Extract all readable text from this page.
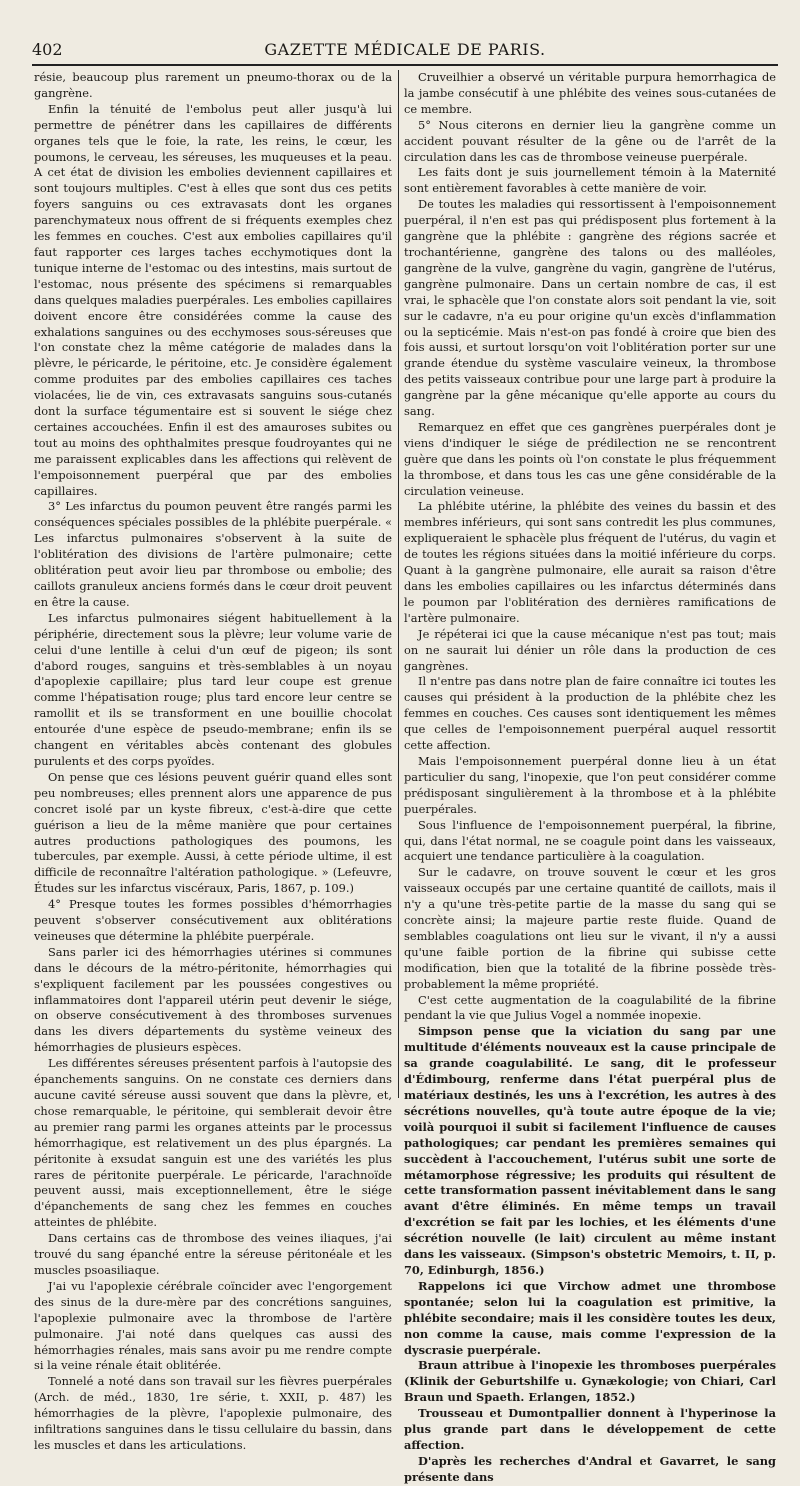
402	GAZETTE MÉDICALE DE PARIS.

résie, beaucoup plus rarement un pneumo-thorax ou de la gangrène.

Enfin la ténuité de l'embolus peut aller jusqu'à lui permettre de pénétrer dans les capillaires de différents organes tels que le foie, la rate, les reins, le cœur, les poumons, le cerveau, les séreuses, les muqueuses et la peau. A cet état de division les embolies deviennent capillaires et sont toujours multiples. C'est à elles que sont dus ces petits foyers sanguins ou ces extravasats dont les organes parenchymateux nous offrent de si fréquents exemples chez les femmes en couches. C'est aux embolies capillaires qu'il faut rapporter ces larges taches ecchymotiques dont la tunique interne de l'estomac ou des intestins, mais surtout de l'estomac, nous présente des spécimens si remarquables dans quelques maladies puerpérales. Les embolies capillaires doivent encore être considérées comme la cause des exhalations sanguines ou des ecchymoses sous-séreuses que l'on constate chez la même catégorie de malades dans la plèvre, le péricarde, le péritoine, etc. Je considère également comme produites par des embolies capillaires ces taches violacées, lie de vin, ces extravasats sanguins sous-cutanés dont la surface tégumentaire est si souvent le siége chez certaines accouchées. Enfin il est des amauroses subites ou tout au moins des ophthalmites presque foudroyantes qui ne me paraissent explicables dans les affections qui relèvent de l'empoisonnement puerpéral que par des embolies capillaires.

3° Les infarctus du poumon peuvent être rangés parmi les conséquences spéciales possibles de la phlébite puerpérale. « Les infarctus pulmonaires s'observent à la suite de l'oblitération des divisions de l'artère pulmonaire; cette oblitération peut avoir lieu par thrombose ou embolie; des caillots granuleux anciens formés dans le cœur droit peuvent en être la cause.

Les infarctus pulmonaires siégent habituellement à la périphérie, directement sous la plèvre; leur volume varie de celui d'une lentille à celui d'un œuf de pigeon; ils sont d'abord rouges, sanguins et très-semblables à un noyau d'apoplexie capillaire; plus tard leur coupe est grenue comme l'hépatisation rouge; plus tard encore leur centre se ramollit et ils se transforment en une bouillie chocolat entourée d'une espèce de pseudo-membrane; enfin ils se changent en véritables abcès contenant des globules purulents et des corps pyoïdes.

On pense que ces lésions peuvent guérir quand elles sont peu nombreuses; elles prennent alors une apparence de pus concret isolé par un kyste fibreux, c'est-à-dire que cette guérison a lieu de la même manière que pour certaines autres productions pathologiques des poumons, les tubercules, par exemple. Aussi, à cette période ultime, il est difficile de reconnaître l'altération pathologique. » (Lefeuvre, Études sur les infarctus viscéraux, Paris, 1867, p. 109.)

4° Presque toutes les formes possibles d'hémorrhagies peuvent s'observer consécutivement aux oblitérations veineuses que détermine la phlébite puerpérale.

Sans parler ici des hémorrhagies utérines si communes dans le décours de la métro-péritonite, hémorrhagies qui s'expliquent facilement par les poussées congestives ou inflammatoires dont l'appareil utérin peut devenir le siége, on observe consécutivement à des thromboses survenues dans les divers départements du système veineux des hémorrhagies de plusieurs espèces.

Les différentes séreuses présentent parfois à l'autopsie des épanchements sanguins. On ne constate ces derniers dans aucune cavité séreuse aussi souvent que dans la plèvre, et, chose remarquable, le péritoine, qui semblerait devoir être au premier rang parmi les organes atteints par le processus hémorrhagique, est relativement un des plus épargnés. La péritonite à exsudat sanguin est une des variétés les plus rares de péritonite puerpérale. Le péricarde, l'arachnoïde peuvent aussi, mais exceptionnellement, être le siége d'épanchements de sang chez les femmes en couches atteintes de phlébite.

Dans certains cas de thrombose des veines iliaques, j'ai trouvé du sang épanché entre la séreuse péritonéale et les muscles psoasiliaque.

J'ai vu l'apoplexie cérébrale coïncider avec l'engorgement des sinus de la dure-mère par des concrétions sanguines, l'apoplexie pulmonaire avec la thrombose de l'artère pulmonaire. J'ai noté dans quelques cas aussi des hémorrhagies rénales, mais sans avoir pu me rendre compte si la veine rénale était oblitérée.

Tonnelé a noté dans son travail sur les fièvres puerpérales (Arch. de méd., 1830, 1re série, t. XXII, p. 487) les hémorrhagies de la plèvre, l'apoplexie pulmonaire, des infiltrations sanguines dans le tissu cellulaire du bassin, dans les muscles et dans les articulations.

Cruveilhier a observé un véritable purpura hemorrhagica de la jambe consécutif à une phlébite des veines sous-cutanées de ce membre.

5° Nous citerons en dernier lieu la gangrène comme un accident pouvant résulter de la gêne ou de l'arrêt de la circulation dans les cas de thrombose veineuse puerpérale.

Les faits dont je suis journellement témoin à la Maternité sont entièrement favorables à cette manière de voir.

De toutes les maladies qui ressortissent à l'empoisonnement puerpéral, il n'en est pas qui prédisposent plus fortement à la gangrène que la phlébite : gangrène des régions sacrée et trochantérienne, gangrène des talons ou des malléoles, gangrène de la vulve, gangrène du vagin, gangrène de l'utérus, gangrène pulmonaire. Dans un certain nombre de cas, il est vrai, le sphacèle que l'on constate alors soit pendant la vie, soit sur le cadavre, n'a eu pour origine qu'un excès d'inflammation ou la septicémie. Mais n'est-on pas fondé à croire que bien des fois aussi, et surtout lorsqu'on voit l'oblitération porter sur une grande étendue du système vasculaire veineux, la thrombose des petits vaisseaux contribue pour une large part à produire la gangrène par la gêne mécanique qu'elle apporte au cours du sang.

Remarquez en effet que ces gangrènes puerpérales dont je viens d'indiquer le siége de prédilection ne se rencontrent guère que dans les points où l'on constate le plus fréquemment la thrombose, et dans tous les cas une gêne considérable de la circulation veineuse.

La phlébite utérine, la phlébite des veines du bassin et des membres inférieurs, qui sont sans contredit les plus communes, expliqueraient le sphacèle plus fréquent de l'utérus, du vagin et de toutes les régions situées dans la moitié inférieure du corps. Quant à la gangrène pulmonaire, elle aurait sa raison d'être dans les embolies capillaires ou les infarctus déterminés dans le poumon par l'oblitération des dernières ramifications de l'artère pulmonaire.

Je répéterai ici que la cause mécanique n'est pas tout; mais on ne saurait lui dénier un rôle dans la production de ces gangrènes.

Il n'entre pas dans notre plan de faire connaître ici toutes les causes qui président à la production de la phlébite chez les femmes en couches. Ces causes sont identiquement les mêmes que celles de l'empoisonnement puerpéral auquel ressortit cette affection.

Mais l'empoisonnement puerpéral donne lieu à un état particulier du sang, l'inopexie, que l'on peut considérer comme prédisposant singulièrement à la thrombose et à la phlébite puerpérales.

Sous l'influence de l'empoisonnement puerpéral, la fibrine, qui, dans l'état normal, ne se coagule point dans les vaisseaux, acquiert une tendance particulière à la coagulation.

Sur le cadavre, on trouve souvent le cœur et les gros vaisseaux occupés par une certaine quantité de caillots, mais il n'y a qu'une très-petite partie de la masse du sang qui se concrète ainsi; la majeure partie reste fluide. Quand de semblables coagulations ont lieu sur le vivant, il n'y a aussi qu'une faible portion de la fibrine qui subisse cette modification, bien que la totalité de la fibrine possède très-probablement la même propriété.

C'est cette augmentation de la coagulabilité de la fibrine pendant la vie que Julius Vogel a nommée inopexie.

Simpson pense que la viciation du sang par une multitude d'éléments nouveaux est la cause principale de sa grande coagulabilité. Le sang, dit le professeur d'Édimbourg, renferme dans l'état puerpéral plus de matériaux destinés, les uns à l'excrétion, les autres à des sécrétions nouvelles, qu'à toute autre époque de la vie; voilà pourquoi il subit si facilement l'influence de causes pathologiques; car pendant les premières semaines qui succèdent à l'accouchement, l'utérus subit une sorte de métamorphose régressive; les produits qui résultent de cette transformation passent inévitablement dans le sang avant d'être éliminés. En même temps un travail d'excrétion se fait par les lochies, et les éléments d'une sécrétion nouvelle (le lait) circulent au même instant dans les vaisseaux. (Simpson's obstetric Memoirs, t. II, p. 70, Edinburgh, 1856.)

Rappelons ici que Virchow admet une thrombose spontanée; selon lui la coagulation est primitive, la phlébite secondaire; mais il les considère toutes les deux, non comme la cause, mais comme l'expression de la dyscrasie puerpérale.

Braun attribue à l'inopexie les thromboses puerpérales (Klinik der Geburtshilfe u. Gynækologie; von Chiari, Carl Braun und Spaeth. Erlangen, 1852.)

Trousseau et Dumontpallier donnent à l'hyperinose la plus grande part dans le développement de cette affection.

D'après les recherches d'Andral et Gavarret, le sang présente dans
